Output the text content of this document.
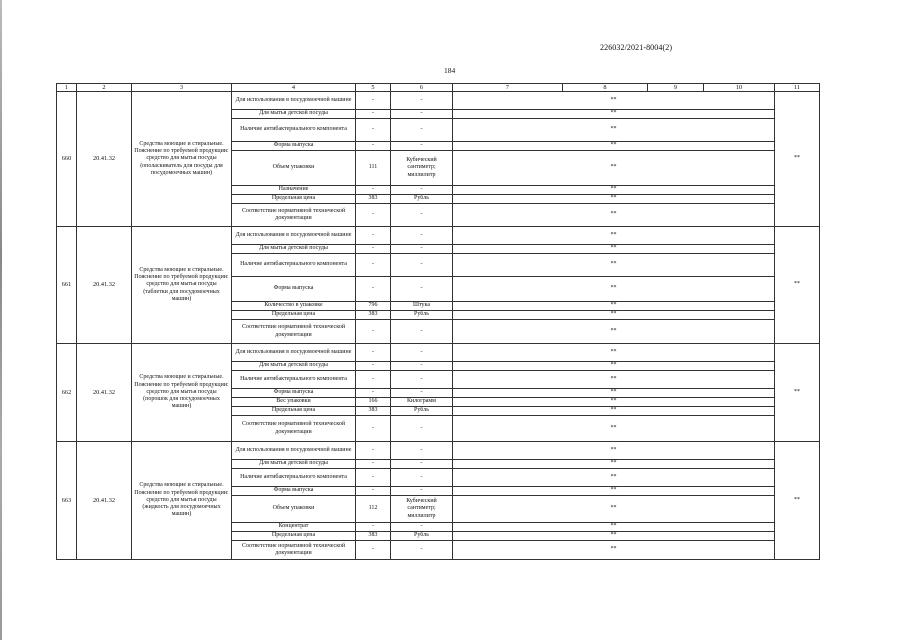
226032/2021-8004(2)
184
1	2	3	4	5	6	7	8	9	10	11
660	20.41.32	Средства моющие и стиральные. Пояснение по требуемой продукции: средство для мытья посуды (ополаскиватель для посуды для посудомоечных машин)	Для использования в посудомоечной машине	-	-	**				**
			Для мытья детской посуды	-	-	**				
			Наличие антибактериального компонента	-	-	**				
			Форма выпуска	-	-	**				
			Объем упаковки	111	Кубический сантиметр; миллилитр	**				
			Назначение	-	-	**				
			Предельная цена	383	Рубль	**				
			Соответствие нормативной технической документации	-	-	**				
661	20.41.32	Средства моющие и стиральные. Пояснение по требуемой продукции: средство для мытья посуды (таблетки для посудомоечных машин)	Для использования в посудомоечной машине	-	-	**				**
			Для мытья детской посуды	-	-	**				
			Наличие антибактериального компонента	-	-	**				
			Форма выпуска	-	-	**				
			Количество в упаковке	796	Штука	**				
			Предельная цена	383	Рубль	**				
			Соответствие нормативной технической документации	-	-	**				
662	20.41.32	Средства моющие и стиральные. Пояснение по требуемой продукции: средство для мытья посуды (порошок для посудомоечных машин)	Для использования в посудомоечной машине	-	-	**				**
			Для мытья детской посуды	-	-	**				
			Наличие антибактериального компонента	-	-	**				
			Форма выпуска	-	-	**				
			Вес упаковки	166	Килограмм	**				
			Предельная цена	383	Рубль	**				
			Соответствие нормативной технической документации	-	-	**				
663	20.41.32	Средства моющие и стиральные. Пояснение по требуемой продукции: средство для мытья посуды (жидкость для посудомоечных машин)	Для использования в посудомоечной машине	-	-	**				**
			Для мытья детской посуды	-	-	**				
			Наличие антибактериального компонента	-	-	**				
			Форма выпуска	-	-	**				
			Объем упаковки	112	Кубический сантиметр; миллилитр	**				
			Концентрат	-	-	**				
			Предельная цена	383	Рубль	**				
			Соответствие нормативной технической документации	-	-	**				
